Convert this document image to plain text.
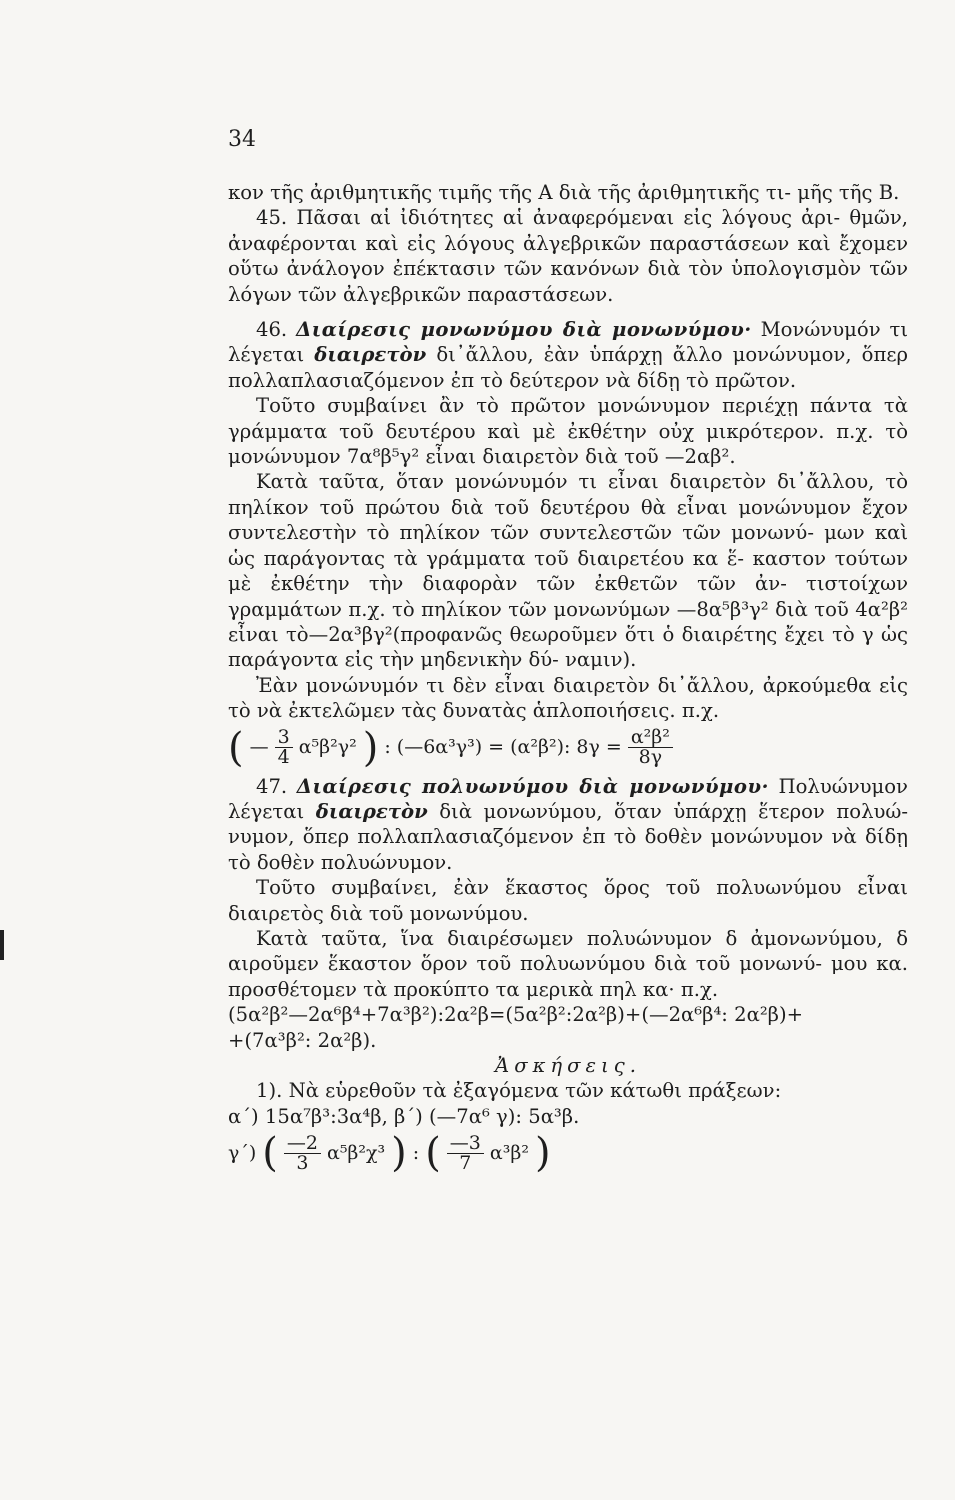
34

κον τῆς ἀριθμητικῆς τιμῆς τῆς Α διὰ τῆς ἀριθμητικῆς τι- μῆς τῆς Β.

45. Πᾶσαι αἱ ἰδιότητες αἱ ἀναφερόμεναι εἰς λόγους ἀρι- θμῶν, ἀναφέρονται καὶ εἰς λόγους ἀλγεβρικῶν παραστάσεων καὶ ἔχομεν οὕτω ἀνάλογον ἐπέκτασιν τῶν κανόνων διὰ τὸν ὑπολογισμὸν τῶν λόγων τῶν ἀλγεβρικῶν παραστάσεων.

46. Διαίρεσις μονωνύμου διὰ μονωνύμου· Μονώνυμόν τι λέγεται διαιρετὸν δι᾿ἄλλου, ἐὰν ὑπάρχῃ ἄλλο μονώνυμον, ὅπερ πολλαπλασιαζόμενον ἐπ τὸ δεύτερον νὰ δίδῃ τὸ πρῶτον.

Τοῦτο συμβαίνει ἂν τὸ πρῶτον μονώνυμον περιέχῃ πάντα τὰ γράμματα τοῦ δευτέρου καὶ μὲ ἐκθέτην οὐχ μικρότερον. π.χ. τὸ μονώνυμον 7α⁸β⁵γ² εἶναι διαιρετὸν διὰ τοῦ —2αβ².

Κατὰ ταῦτα, ὅταν μονώνυμόν τι εἶναι διαιρετὸν δι᾿ἄλλου, τὸ πηλίκον τοῦ πρώτου διὰ τοῦ δευτέρου θὰ εἶναι μονώνυμον ἔχον συντελεστὴν τὸ πηλίκον τῶν συντελεστῶν τῶν μονωνύ- μων καὶ ὡς παράγοντας τὰ γράμματα τοῦ διαιρετέου κα ἕ- καστον τούτων μὲ ἐκθέτην τὴν διαφορὰν τῶν ἐκθετῶν τῶν ἀν- τιστοίχων γραμμάτων π.χ. τὸ πηλίκον τῶν μονωνύμων —8α⁵β³γ² διὰ τοῦ 4α²β² εἶναι τὸ—2α³βγ²(προφανῶς θεωροῦμεν ὅτι ὁ διαιρέτης ἔχει τὸ γ ὡς παράγοντα εἰς τὴν μηδενικὴν δύ- ναμιν).

Ἐὰν μονώνυμόν τι δὲν εἶναι διαιρετὸν δι᾿ἄλλου, ἀρκούμεθα εἰς τὸ νὰ ἐκτελῶμεν τὰς δυνατὰς ἁπλοποιήσεις. π.χ.

( — $\frac{3}{4} \alpha^5\beta^2\gamma^2$ ) : (—6α³γ³) = (α²β²): $8\gamma = \frac{\text{α²β²}}{8\gamma}$

47. Διαίρεσις πολυωνύμου διὰ μονωνύμου· Πολυώνυμον λέγεται διαιρετὸν διὰ μονωνύμου, ὅταν ὑπάρχῃ ἕτερον πολυώ- νυμον, ὅπερ πολλαπλασιαζόμενον ἐπ τὸ δοθὲν μονώνυμον νὰ δίδῃ τὸ δοθὲν πολυώνυμον.

Τοῦτο συμβαίνει, ἐὰν ἕκαστος ὅρος τοῦ πολυωνύμου εἶναι διαιρετὸς διὰ τοῦ μονωνύμου.

Κατὰ ταῦτα, ἵνα διαιρέσωμεν πολυώνυμον δ ἀμονωνύμου, δ αιροῦμεν ἕκαστον ὅρον τοῦ πολυωνύμου διὰ τοῦ μονωνύ- μου κα. προσθέτομεν τὰ προκύπτο τα μερικὰ πηλ κα· π.χ.

(5α²β²—2α⁶β⁴+7α³β²):2α²β=(5α²β²:2α²β)+(—2α⁶β⁴: 2α²β)+

+(7α³β²: 2α²β).

Ἀσκήσεις.

1). Νὰ εὑρεθοῦν τὰ ἐξαγόμενα τῶν κάτωθι πράξεων:

α΄) 15α⁷β³:3α⁴β, β΄) (—7α⁶ γ): 5α³β.

γ΄) ( $\frac{—2}{3} \alpha^5\beta^2\chi^3$ ) : ( $\frac{—3}{7} \alpha^3\beta^2$ )
